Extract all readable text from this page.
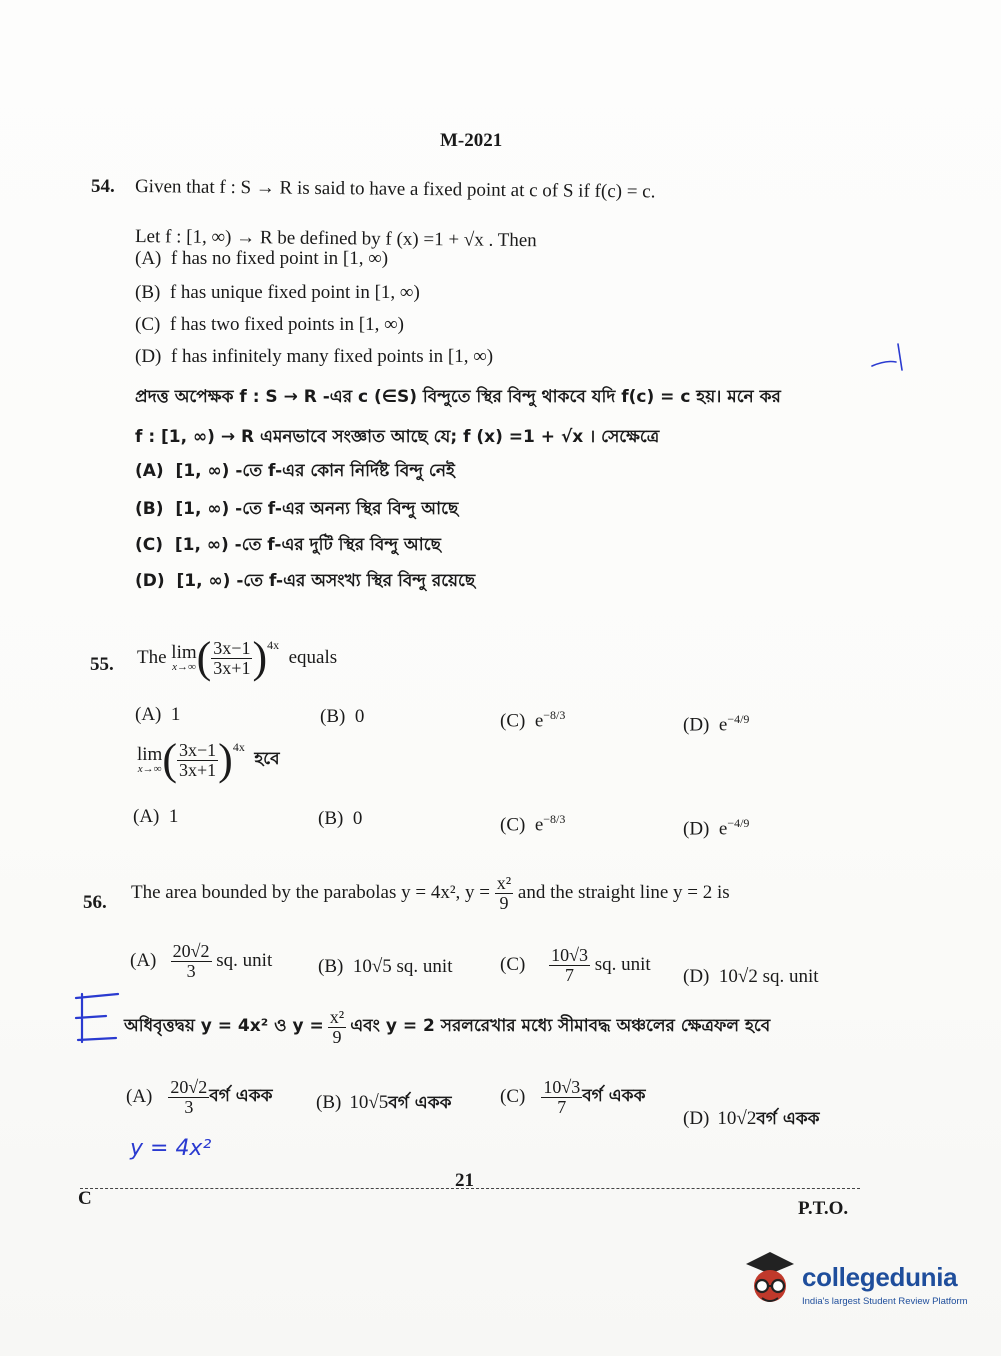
M-2021
54. Given that f : S → R is said to have a fixed point at c of S if f(c) = c.
Let f : [1, ∞) → R be defined by f (x) =1 + √x . Then
(A) f has no fixed point in [1, ∞)
(B) f has unique fixed point in [1, ∞)
(C) f has two fixed points in [1, ∞)
(D) f has infinitely many fixed points in [1, ∞)
প্রদত্ত অপেক্ষক f : S → R -এর c (∈S) বিন্দুতে স্থির বিন্দু থাকবে যদি f(c) = c হয়। মনে কর
f : [1, ∞) → R এমনভাবে সংজ্ঞাত আছে যে; f (x) =1 + √x । সেক্ষেত্রে
(A) [1, ∞) -তে f-এর কোন নির্দিষ্ট বিন্দু নেই
(B) [1, ∞) -তে f-এর অনন্য স্থির বিন্দু আছে
(C) [1, ∞) -তে f-এর দুটি স্থির বিন্দু আছে
(D) [1, ∞) -তে f-এর অসংখ্য স্থির বিন্দু রয়েছে
55. The
lim
x→∞ ( $\frac{3x-1}{3x+1} )^{4x}$

equals
(A) 1	(B) 0	(C) $e^{-8/3}$	(D) $e^{-4/9}$
lim
x→∞ ( $\frac{3x-1}{3x+1} )^{4x}$

হবে
(A) 1	(B) 0	(C) $e^{-8/3}$	(D) $e^{-4/9}$
56. The area bounded by the parabolas y = 4x², y =
$\frac{\text{x²}}{9}$
and the straight line y = 2 is
(A)
$\frac{20√2}{3}$
sq. unit (B) 10√5 sq. unit	(C)
$\frac{10√3}{7}$
sq. unit
(D) 10√2 sq. unit
অধিবৃত্তদ্বয় y = 4x² ও y =
$\frac{\text{x²}}{9}$
এবং y = 2 সরলরেখার মধ্যে সীমাবদ্ধ অঞ্চলের ক্ষেত্রফল হবে
(A)
$\frac{20√2}{3}$ বর্গ একক (B) 10√5বর্গ একক	(C)
$\frac{10√3}{7}$ বর্গ একক
(D) 10√2বর্গ একক
y = 4x²
21
C	P.T.O.
collegedunia
India's largest Student Review Platform
